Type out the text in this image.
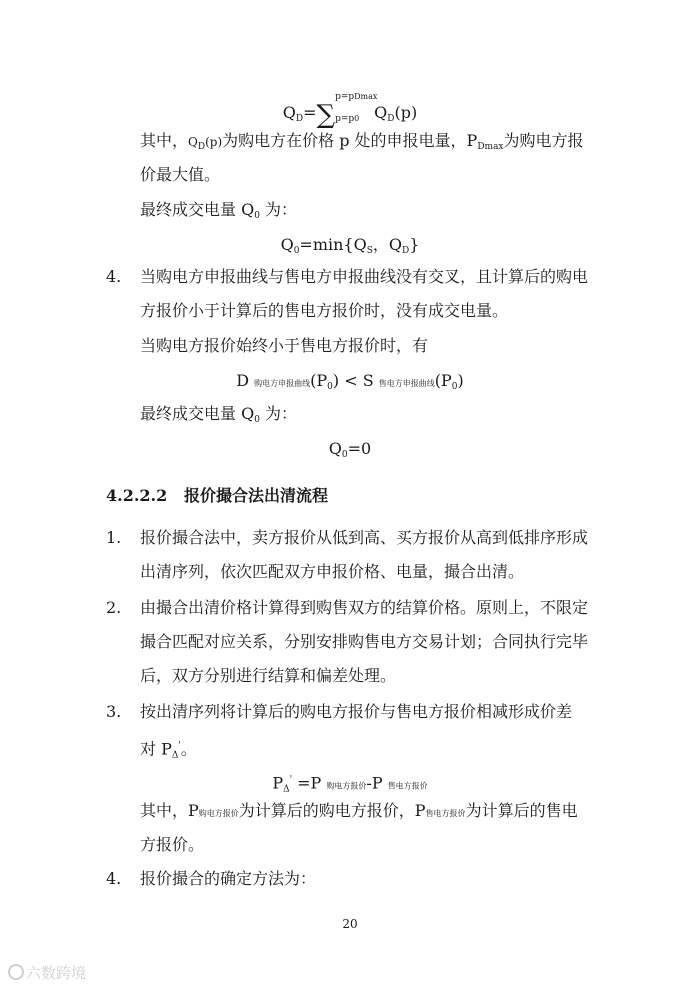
$Q_D=\sum$
p=pDmax
p=p0 $Q_D(p)$
其中，$Q_D(p)$为购电方在价格 p 处的申报电量，$P_{Dmax}$为购电方报
价最大值。
最终成交电量 $Q_0$ 为：
$Q_0=\min\{Q_S$，$Q_D$}
4. 当购电方申报曲线与售电方申报曲线没有交叉，且计算后的购电
方报价小于计算后的售电方报价时，没有成交电量。
当购电方报价始终小于售电方报价时，有
D 购电方申报曲线$(P_0) < S$ 售电方申报曲线$(P_0)$
最终成交电量 $Q_0$ 为：
$Q_0=0$
4.2.2.2 报价撮合法出清流程
1. 报价撮合法中，卖方报价从低到高、买方报价从高到低排序形成
出清序列，依次匹配双方申报价格、电量，撮合出清。
2. 由撮合出清价格计算得到购售双方的结算价格。原则上，不限定
撮合匹配对应关系，分别安排购售电方交易计划；合同执行完毕
后，双方分别进行结算和偏差处理。
3. 按出清序列将计算后的购电方报价与售电方报价相减形成价差
对 $P_\Delta'$。
$P_\Delta' =P$ 购电方报价-P 售电方报价
其中，P购电方报价为计算后的购电方报价，P售电方报价为计算后的售电
方报价。
4. 报价撮合的确定方法为：
20
六数跨境
